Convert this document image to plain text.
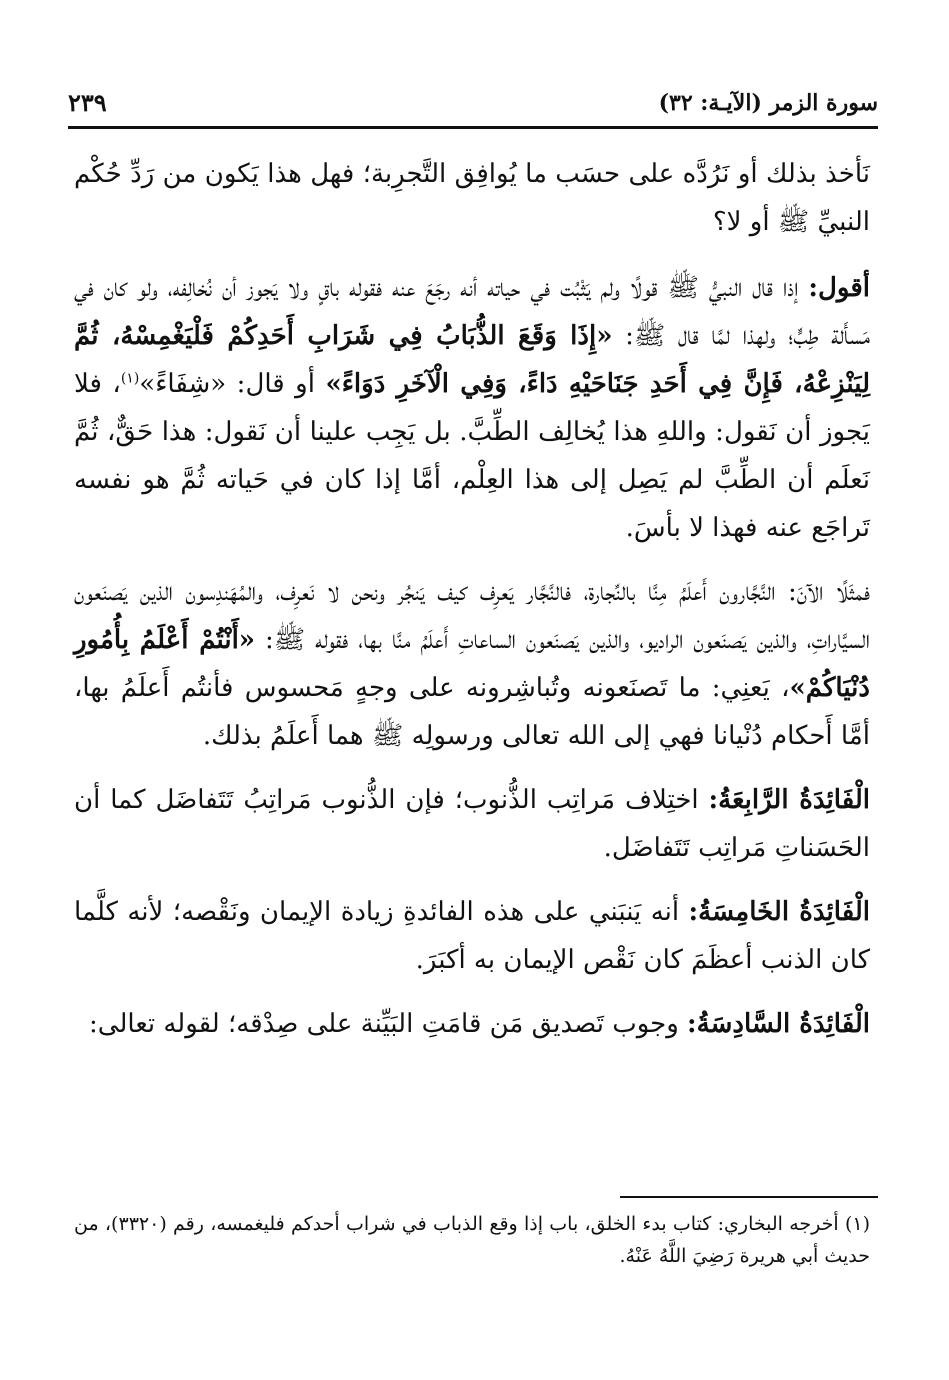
سورة الزمر (الآيـة: ٣٢)
٢٣٩

نَأخذ بذلك أو نَرُدَّه على حسَب ما يُوافِق التَّجرِبة؛ فهل هذا يَكون من رَدِّ حُكْم النبيِّ ﷺ أو لا؟

أقول: إذا قال النبيُّ ﷺ قولًا ولم يَثْبُت في حياته أنه رجَعَ عنه فقوله باقٍ ولا يَجوز أن نُخالِفه، ولو كان في مَسأَلة طِبٍّ؛ ولهذا لمَّا قال ﷺ: «إِذَا وَقَعَ الذُّبَابُ فِي شَرَابِ أَحَدِكُمْ فَلْيَغْمِسْهُ، ثُمَّ لِيَنْزِعْهُ، فَإِنَّ فِي أَحَدِ جَنَاحَيْهِ دَاءً، وَفِي الْآخَرِ دَوَاءً» أو قال: «شِفَاءً»$^{(١)}$، فلا يَجوز أن نَقول: واللهِ هذا يُخالِف الطِّبَّ. بل يَجِب علينا أن نَقول: هذا حَقٌّ، ثُمَّ نَعلَم أن الطِّبَّ لم يَصِل إلى هذا العِلْم، أمَّا إذا كان في حَياته ثُمَّ هو نفسه تَراجَع عنه فهذا لا بأسَ.

فمثَلًا الآنَ: النَّجَّارون أَعلَمُ مِنَّا بالنِّجارة، فالنَّجَّار يَعرِف كيف يَنجُر ونحن لا نَعرِف، والمُهَندِسون الذين يَصنَعون السيَّاراتِ، والذين يَصنَعون الراديو، والذين يَصنَعون الساعاتِ أَعلَمُ منَّا بها، فقوله ﷺ: «أَنْتُمْ أَعْلَمُ بِأُمُورِ دُنْيَاكُمْ»، يَعنِي: ما تَصنَعونه وتُباشِرونه على وجهٍ مَحسوس فأنتُم أَعلَمُ بها، أمَّا أَحكام دُنْيانا فهي إلى الله تعالى ورسولِه ﷺ هما أَعلَمُ بذلك.

الْفَائِدَةُ الرَّابِعَةُ: اختِلاف مَراتِب الذُّنوب؛ فإن الذُّنوب مَراتِبُ تَتَفاضَل كما أن الحَسَناتِ مَراتِب تَتَفاضَل.

الْفَائِدَةُ الخَامِسَةُ: أنه يَنبَني على هذه الفائدةِ زيادة الإيمان ونَقْصه؛ لأنه كلَّما كان الذنب أعظَمَ كان نَقْص الإيمان به أكبَرَ.

الْفَائِدَةُ السَّادِسَةُ: وجوب تَصديق مَن قامَتِ البَيِّنة على صِدْقه؛ لقوله تعالى:

(١) أخرجه البخاري: كتاب بدء الخلق، باب إذا وقع الذباب في شراب أحدكم فليغمسه، رقم (٣٣٢٠)، من حديث أبي هريرة رَضِيَ اللَّهُ عَنْهُ.
